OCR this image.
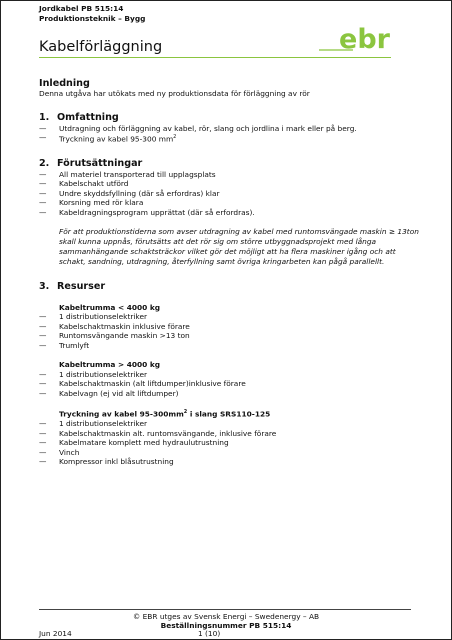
Jordkabel PB 515:14
Produktionsteknik – Bygg
ebr
Kabelförläggning
Inledning

Denna utgåva har utökats med ny produktionsdata för förläggning av rör

1. Omfattning
—	Utdragning och förläggning av kabel, rör, slang och jordlina i mark eller på berg.
—	Tryckning av kabel 95-300 $mm^2$
2. Förutsättningar
—	All materiel transporterad till upplagsplats
—	Kabelschakt utförd
—	Undre skyddsfyllning (där så erfordras) klar
—	Korsning med rör klara
—	Kabeldragningsprogram upprättat (där så erfordras).

För att produktionstiderna som avser utdragning av kabel med runtomsvängade maskin ≥ 13ton skall kunna uppnås, förutsätts att det rör sig om större utbyggnadsprojekt med långa sammanhängande schaktsträckor vilket gör det möjligt att ha flera maskiner igång och att schakt, sandning, utdragning, återfyllning samt övriga kringarbeten kan pågå parallellt.

3. Resurser
Kabeltrumma < 4000 kg
—	1 distributionselektriker
—	Kabelschaktmaskin inklusive förare
—	Runtomsvängande maskin >13 ton
—	Trumlyft
Kabeltrumma > 4000 kg
—	1 distributionselektriker
—	Kabelschaktmaskin (alt liftdumper)inklusive förare
—	Kabelvagn (ej vid alt liftdumper)
Tryckning av kabel $95-300mm^2$ i slang SRS110-125
—	1 distributionselektriker
—	Kabelschaktmaskin alt. runtomsvängande, inklusive förare
—	Kabelmatare komplett med hydraulutrustning
—	Vinch
—	Kompressor inkl blåsutrustning
© EBR utges av Svensk Energi – Swedenergy – AB
Beställningsnummer PB 515:14
Jun 2014	1 (10)
